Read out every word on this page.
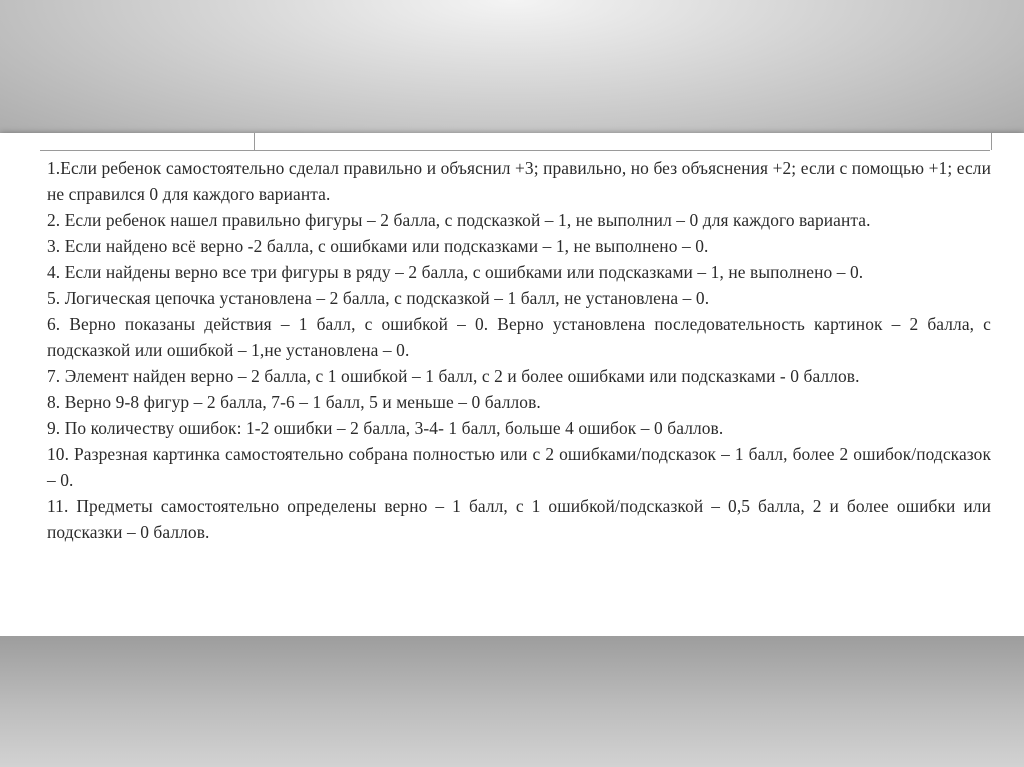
1.Если ребенок самостоятельно сделал правильно и объяснил +3; правильно, но без объяснения +2; если с помощью +1; если не справился 0 для каждого варианта.

2. Если ребенок нашел правильно фигуры – 2 балла, с подсказкой – 1, не выполнил – 0 для каждого варианта.

3. Если найдено всё верно -2 балла, с ошибками или подсказками – 1, не выполнено – 0.

4. Если найдены верно все три фигуры в ряду – 2 балла, с ошибками или подсказками – 1, не выполнено – 0.

5. Логическая цепочка установлена – 2 балла, с подсказкой – 1 балл, не установлена – 0.

6. Верно показаны действия – 1 балл, с ошибкой – 0. Верно установлена последовательность картинок – 2 балла, с подсказкой или ошибкой – 1,не установлена – 0.

7. Элемент найден верно – 2 балла, с 1 ошибкой – 1 балл, с 2 и более ошибками или подсказками - 0 баллов.

8. Верно 9-8 фигур – 2 балла, 7-6 – 1 балл, 5 и меньше – 0 баллов.

9. По количеству ошибок: 1-2 ошибки – 2 балла, 3-4- 1 балл, больше 4 ошибок – 0 баллов.

10. Разрезная картинка самостоятельно собрана полностью или с 2 ошибками/подсказок – 1 балл, более 2 ошибок/подсказок – 0.

11. Предметы самостоятельно определены верно – 1 балл, с 1 ошибкой/подсказкой – 0,5 балла, 2 и более ошибки или подсказки – 0 баллов.
